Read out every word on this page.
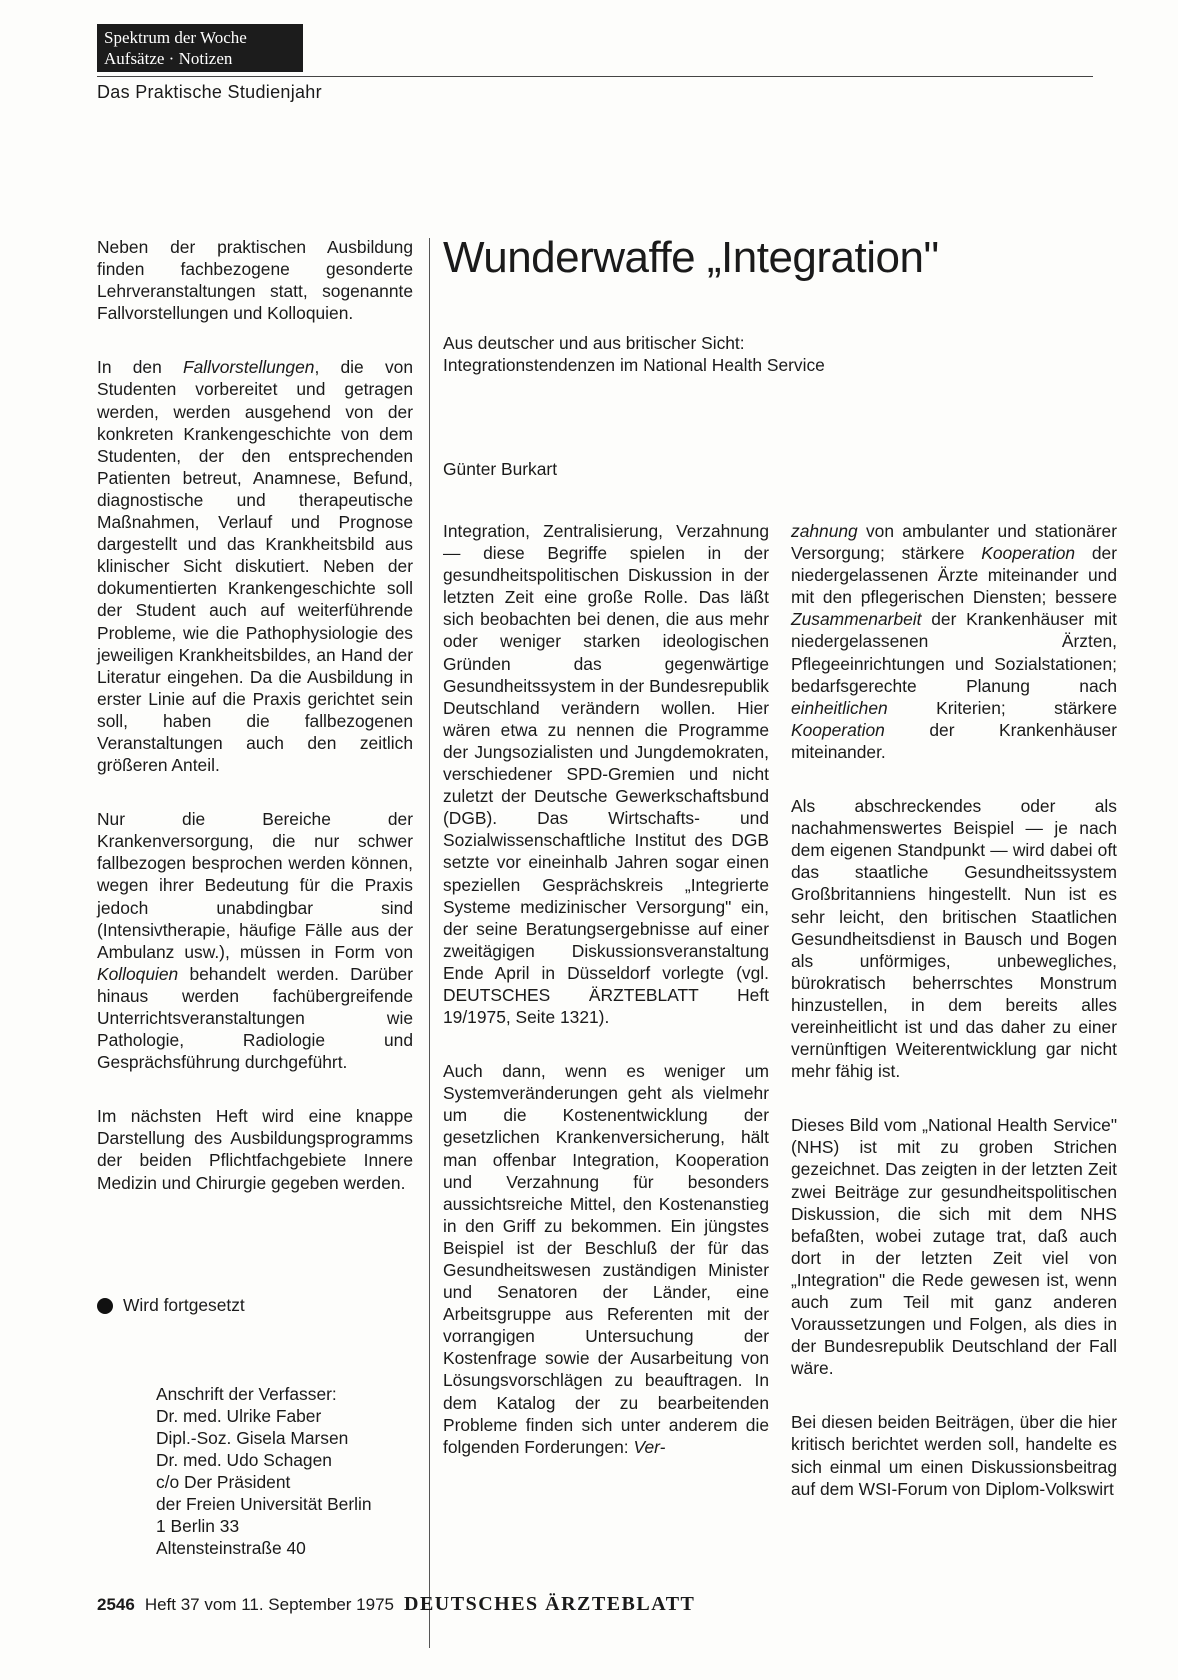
Spektrum der Woche
Aufsätze · Notizen
Das Praktische Studienjahr

Neben der praktischen Ausbildung finden fachbezogene gesonderte Lehrveranstaltungen statt, sogenannte Fallvorstellungen und Kolloquien.

In den Fallvorstellungen, die von Studenten vorbereitet und getragen werden, werden ausgehend von der konkreten Krankengeschichte von dem Studenten, der den entsprechenden Patienten betreut, Anamnese, Befund, diagnostische und therapeutische Maßnahmen, Verlauf und Prognose dargestellt und das Krankheitsbild aus klinischer Sicht diskutiert. Neben der dokumentierten Krankengeschichte soll der Student auch auf weiterführende Probleme, wie die Pathophysiologie des jeweiligen Krankheitsbildes, an Hand der Literatur eingehen. Da die Ausbildung in erster Linie auf die Praxis gerichtet sein soll, haben die fallbezogenen Veranstaltungen auch den zeitlich größeren Anteil.

Nur die Bereiche der Krankenversorgung, die nur schwer fallbezogen besprochen werden können, wegen ihrer Bedeutung für die Praxis jedoch unabdingbar sind (Intensivtherapie, häufige Fälle aus der Ambulanz usw.), müssen in Form von Kolloquien behandelt werden. Darüber hinaus werden fachübergreifende Unterrichtsveranstaltungen wie Pathologie, Radiologie und Gesprächsführung durchgeführt.

Im nächsten Heft wird eine knappe Darstellung des Ausbildungsprogramms der beiden Pflichtfachgebiete Innere Medizin und Chirurgie gegeben werden.

Wird fortgesetzt
Anschrift der Verfasser:
Dr. med. Ulrike Faber
Dipl.-Soz. Gisela Marsen
Dr. med. Udo Schagen
c/o Der Präsident
der Freien Universität Berlin
1 Berlin 33
Altensteinstraße 40
Wunderwaffe „Integration"
Aus deutscher und aus britischer Sicht:
Integrationstendenzen im National Health Service
Günter Burkart

Integration, Zentralisierung, Verzahnung — diese Begriffe spielen in der gesundheitspolitischen Diskussion in der letzten Zeit eine große Rolle. Das läßt sich beobachten bei denen, die aus mehr oder weniger starken ideologischen Gründen das gegenwärtige Gesundheitssystem in der Bundesrepublik Deutschland verändern wollen. Hier wären etwa zu nennen die Programme der Jungsozialisten und Jungdemokraten, verschiedener SPD-Gremien und nicht zuletzt der Deutsche Gewerkschaftsbund (DGB). Das Wirtschafts- und Sozialwissenschaftliche Institut des DGB setzte vor eineinhalb Jahren sogar einen speziellen Gesprächskreis „Integrierte Systeme medizinischer Versorgung" ein, der seine Beratungsergebnisse auf einer zweitägigen Diskussionsveranstaltung Ende April in Düsseldorf vorlegte (vgl. DEUTSCHES ÄRZTEBLATT Heft 19/1975, Seite 1321).

Auch dann, wenn es weniger um Systemveränderungen geht als vielmehr um die Kostenentwicklung der gesetzlichen Krankenversicherung, hält man offenbar Integration, Kooperation und Verzahnung für besonders aussichtsreiche Mittel, den Kostenanstieg in den Griff zu bekommen. Ein jüngstes Beispiel ist der Beschluß der für das Gesundheitswesen zuständigen Minister und Senatoren der Länder, eine Arbeitsgruppe aus Referenten mit der vorrangigen Untersuchung der Kostenfrage sowie der Ausarbeitung von Lösungsvorschlägen zu beauftragen. In dem Katalog der zu bearbeitenden Probleme finden sich unter anderem die folgenden Forderungen: Ver-

zahnung von ambulanter und stationärer Versorgung; stärkere Kooperation der niedergelassenen Ärzte miteinander und mit den pflegerischen Diensten; bessere Zusammenarbeit der Krankenhäuser mit niedergelassenen Ärzten, Pflegeeinrichtungen und Sozialstationen; bedarfsgerechte Planung nach einheitlichen Kriterien; stärkere Kooperation der Krankenhäuser miteinander.

Als abschreckendes oder als nachahmenswertes Beispiel — je nach dem eigenen Standpunkt — wird dabei oft das staatliche Gesundheitssystem Großbritanniens hingestellt. Nun ist es sehr leicht, den britischen Staatlichen Gesundheitsdienst in Bausch und Bogen als unförmiges, unbewegliches, bürokratisch beherrschtes Monstrum hinzustellen, in dem bereits alles vereinheitlicht ist und das daher zu einer vernünftigen Weiterentwicklung gar nicht mehr fähig ist.

Dieses Bild vom „National Health Service" (NHS) ist mit zu groben Strichen gezeichnet. Das zeigten in der letzten Zeit zwei Beiträge zur gesundheitspolitischen Diskussion, die sich mit dem NHS befaßten, wobei zutage trat, daß auch dort in der letzten Zeit viel von „Integration" die Rede gewesen ist, wenn auch zum Teil mit ganz anderen Voraussetzungen und Folgen, als dies in der Bundesrepublik Deutschland der Fall wäre.

Bei diesen beiden Beiträgen, über die hier kritisch berichtet werden soll, handelte es sich einmal um einen Diskussionsbeitrag auf dem WSI-Forum von Diplom-Volkswirt

2546 Heft 37 vom 11. September 1975 DEUTSCHES ÄRZTEBLATT
